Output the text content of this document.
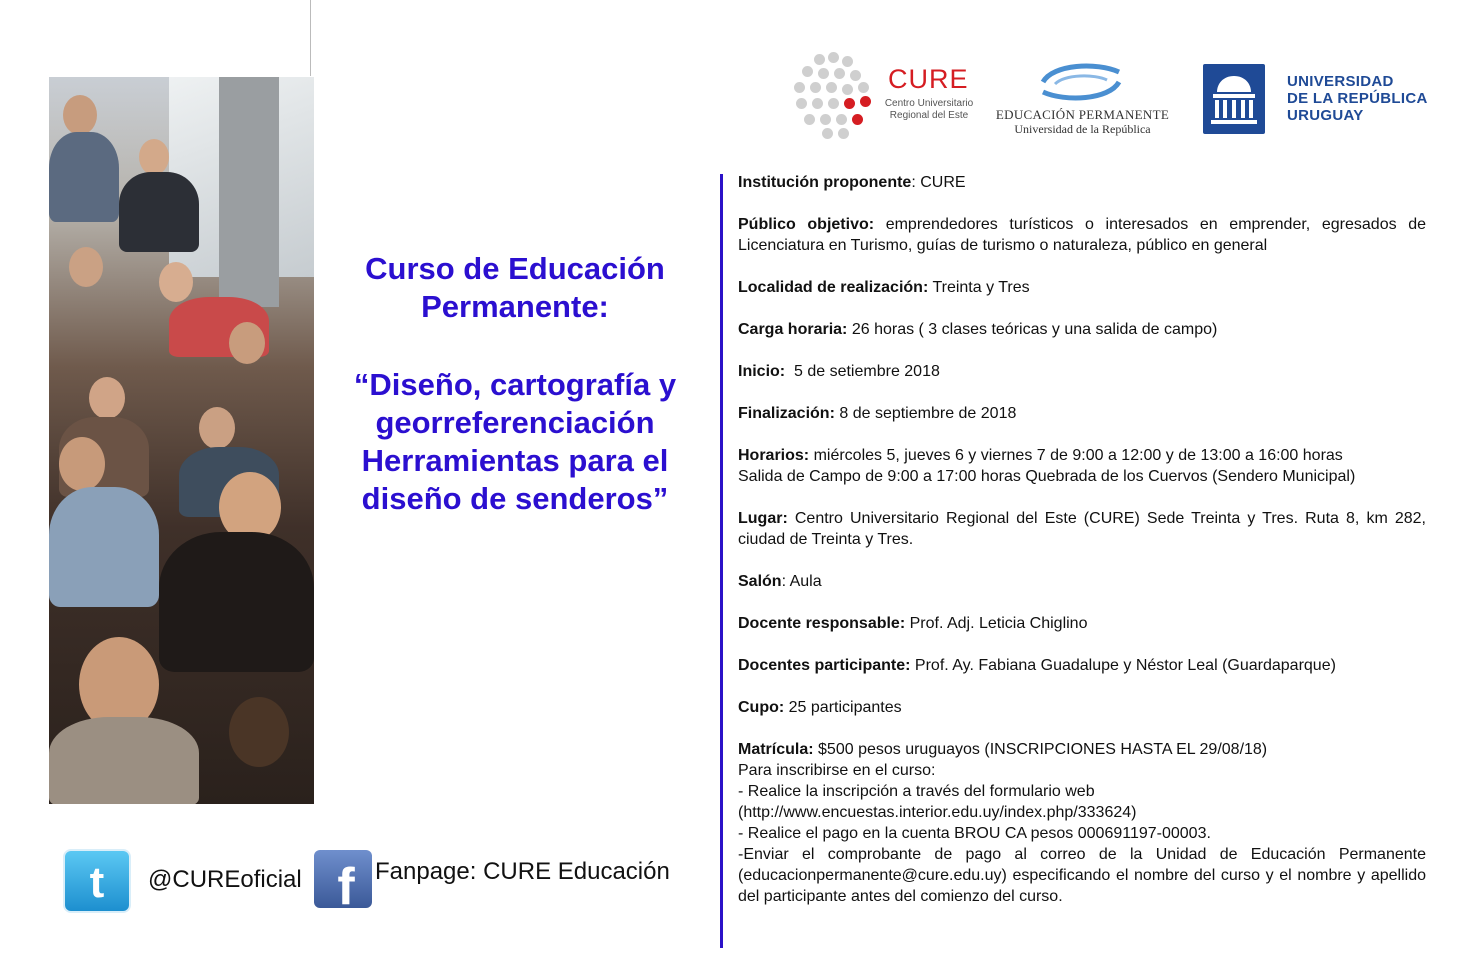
Curso de Educación Permanente:
“Diseño, cartografía y georreferenciación Herramientas para el diseño de senderos”
CURE
Centro Universitario Regional del Este	EDUCACIÓN PERMANENTE
Universidad de la República
UNIVERSIDAD
DE LA REPÚBLICA
URUGUAY
Institución proponente: CURE
Público objetivo: emprendedores turísticos o interesados en emprender, egresados de Licenciatura en Turismo, guías de turismo o naturaleza, público en general
Localidad de realización: Treinta y Tres
Carga horaria: 26 horas ( 3 clases teóricas y una salida de campo)
Inicio:  5 de setiembre 2018
Finalización: 8 de septiembre de 2018
Horarios: miércoles 5, jueves 6 y viernes 7 de 9:00 a 12:00 y de 13:00 a 16:00 horas
Salida de Campo de 9:00 a 17:00 horas Quebrada de los Cuervos (Sendero Municipal)
Lugar: Centro Universitario Regional del Este (CURE) Sede Treinta y Tres. Ruta 8, km 282, ciudad de Treinta y Tres.
Salón: Aula
Docente responsable: Prof. Adj. Leticia Chiglino
Docentes participante: Prof. Ay. Fabiana Guadalupe y Néstor Leal (Guardaparque)
Cupo: 25 participantes
Matrícula: $500 pesos uruguayos (INSCRIPCIONES HASTA EL 29/08/18)
Para inscribirse en el curso:
- Realice la inscripción a través del formulario web
(http://www.encuestas.interior.edu.uy/index.php/333624)
- Realice el pago en la cuenta BROU CA pesos 000691197-00003.
-Enviar el comprobante de pago al correo de la Unidad de Educación Permanente (educacionpermanente@cure.edu.uy) especificando el nombre del curso y el nombre y apellido del participante antes del comienzo del curso.
t @CUREoficial f Fanpage: CURE Educación
